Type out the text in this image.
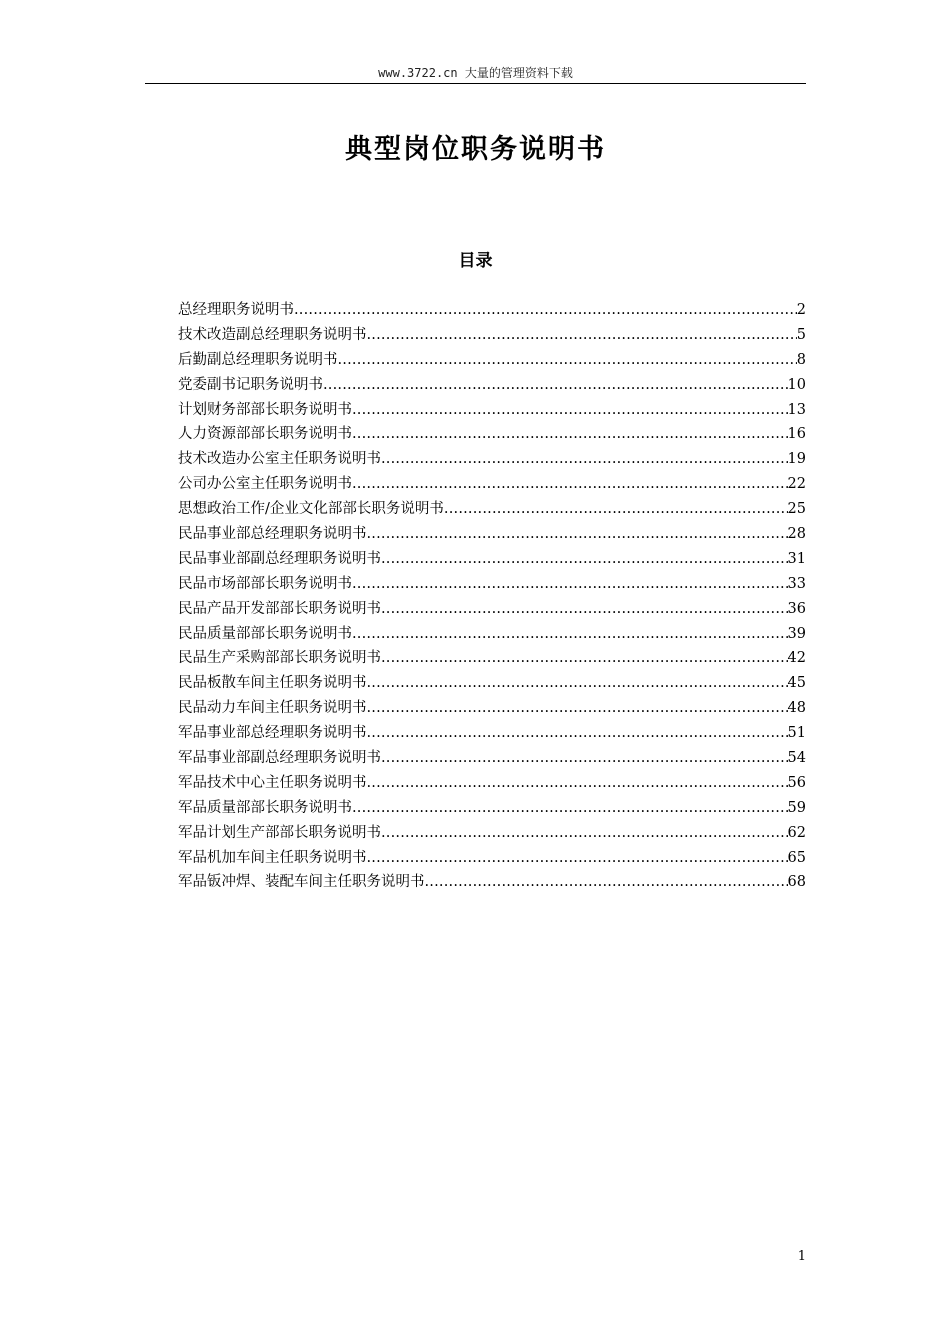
www.3722.cn 大量的管理资料下载
典型岗位职务说明书
目录
总经理职务说明书 .....	2
技术改造副总经理职务说明书 .....	5
后勤副总经理职务说明书 .....	8
党委副书记职务说明书 .....	10
计划财务部部长职务说明书 .....	13
人力资源部部长职务说明书 .....	16
技术改造办公室主任职务说明书 .....	19
公司办公室主任职务说明书 .....	22
思想政治工作/企业文化部部长职务说明书 .....	25
民品事业部总经理职务说明书 .....	28
民品事业部副总经理职务说明书 .....	31
民品市场部部长职务说明书 .....	33
民品产品开发部部长职务说明书 .....	36
民品质量部部长职务说明书 .....	39
民品生产采购部部长职务说明书 .....	42
民品板散车间主任职务说明书 .....	45
民品动力车间主任职务说明书 .....	48
军品事业部总经理职务说明书 .....	51
军品事业部副总经理职务说明书 .....	54
军品技术中心主任职务说明书 .....	56
军品质量部部长职务说明书 .....	59
军品计划生产部部长职务说明书 .....	62
军品机加车间主任职务说明书 .....	65
军品钣冲焊、装配车间主任职务说明书 .....	68
1
